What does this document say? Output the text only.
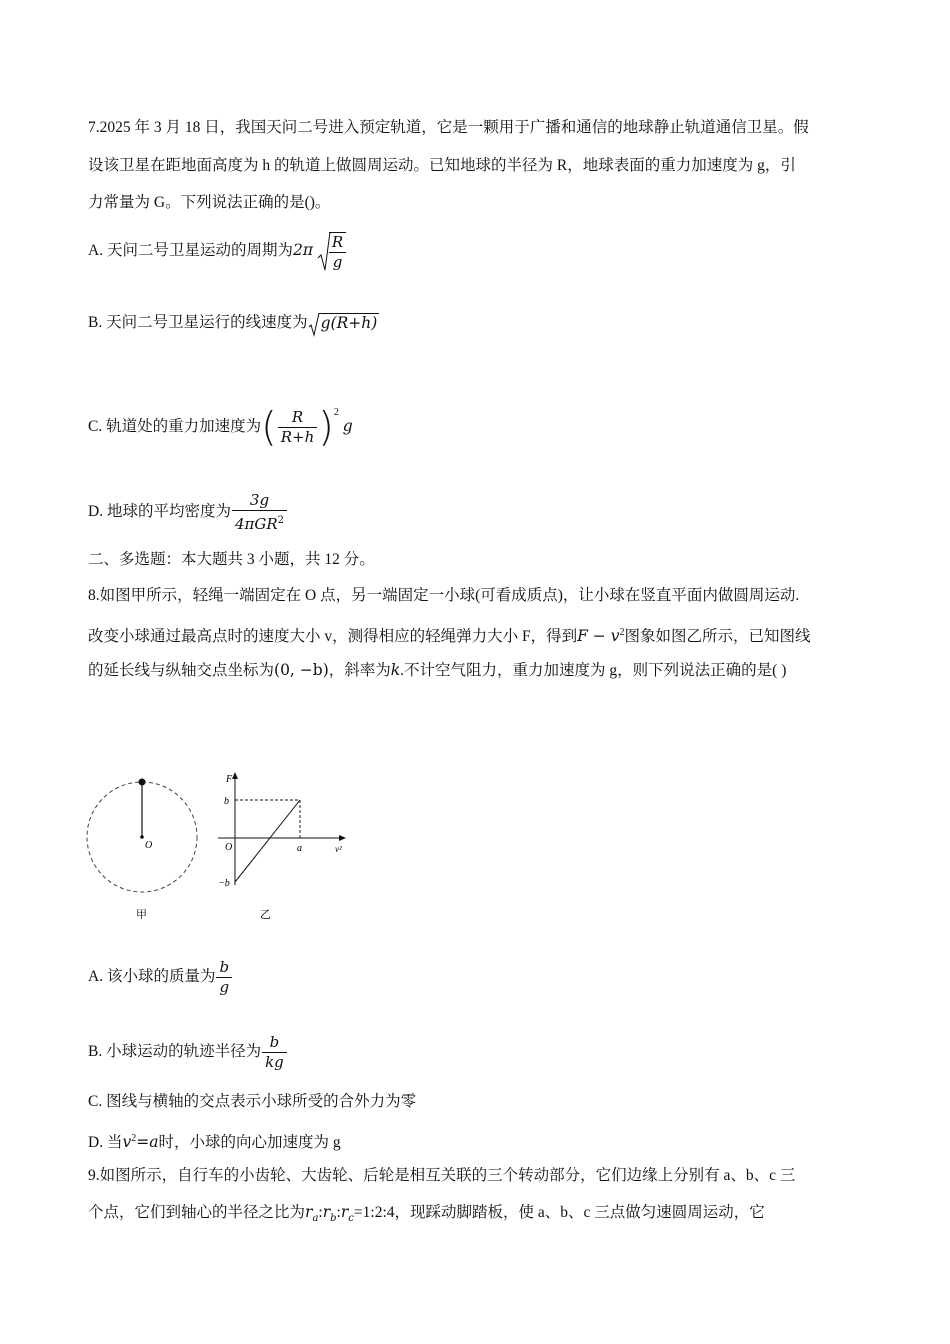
7.2025 年 3 月 18 日，我国天问二号进入预定轨道，它是一颗用于广播和通信的地球静止轨道通信卫星。假
设该卫星在距地面高度为 h 的轨道上做圆周运动。已知地球的半径为 R，地球表面的重力加速度为 g，引
力常量为 G。下列说法正确的是()。
A. 天问二号卫星运动的周期为$2\pi \frac{R}{g}$
B. 天问二号卫星运行的线速度为 g(R+h)
C. 轨道处的重力加速度为( $\frac{R}{R+h} )^2$ g
D. 地球的平均密度为 $\frac{3g}{4\pi GR^2}$
二、多选题：本大题共 3 小题，共 12 分。
8.如图甲所示，轻绳一端固定在 O 点，另一端固定一小球(可看成质点)，让小球在竖直平面内做圆周运动.
改变小球通过最高点时的速度大小 v，测得相应的轻绳弹力大小 F，得到$F - v^2$图象如图乙所示，已知图线
的延长线与纵轴交点坐标为(0, −b)，斜率为k.不计空气阻力，重力加速度为 g，则下列说法正确的是( )
O
甲
F
b
O	a	v²
−b
乙
A. 该小球的质量为 $\frac{b}{g}$
B. 小球运动的轨迹半径为 $\frac{b}{kg}$
C. 图线与横轴的交点表示小球所受的合外力为零
D. 当$v^2=a$时，小球的向心加速度为 g
9.如图所示，自行车的小齿轮、大齿轮、后轮是相互关联的三个转动部分，它们边缘上分别有 a、b、c 三
个点，它们到轴心的半径之比为$r_a:r_b:r_c=1:2:4$，现踩动脚踏板，使 a、b、c 三点做匀速圆周运动，它
